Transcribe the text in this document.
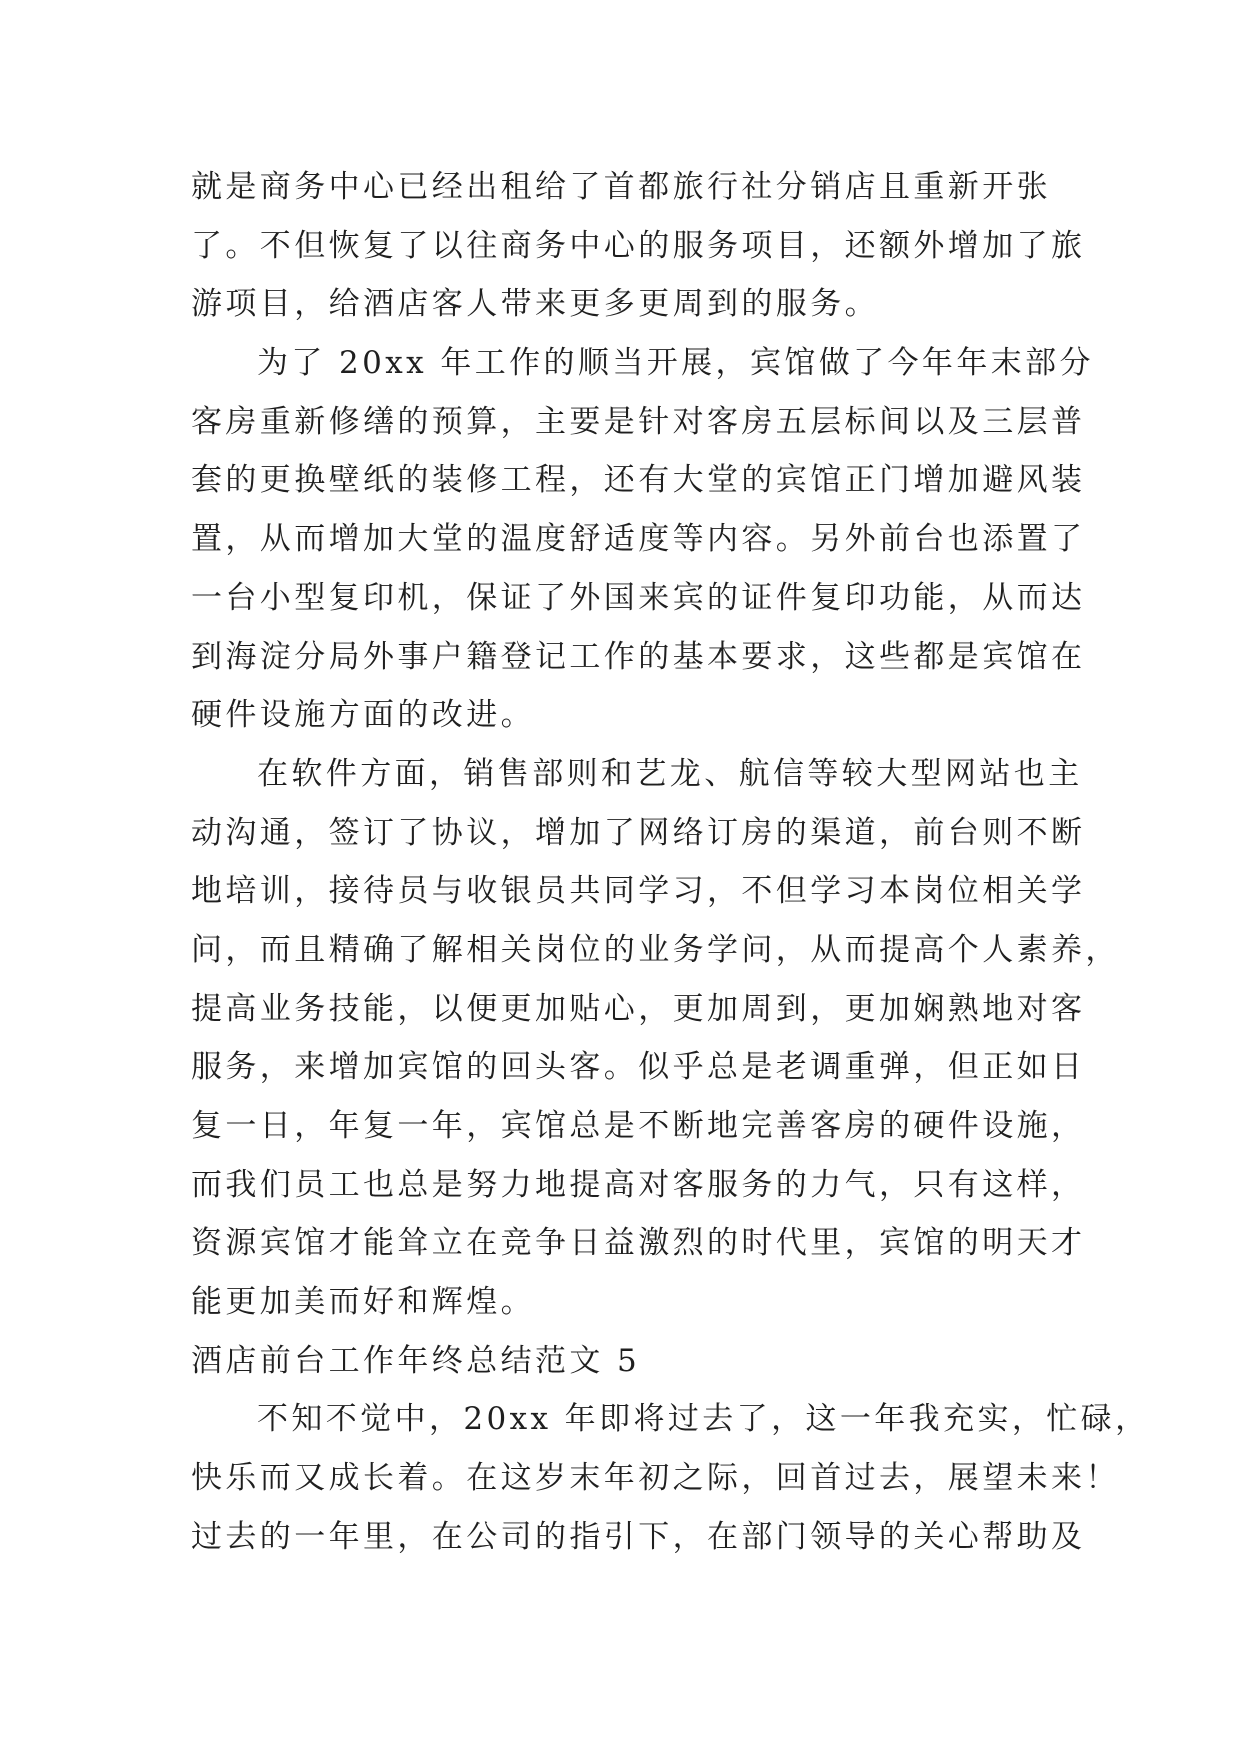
就是商务中心已经出租给了首都旅行社分销店且重新开张
了。不但恢复了以往商务中心的服务项目，还额外增加了旅
游项目，给酒店客人带来更多更周到的服务。
为了 20xx 年工作的顺当开展，宾馆做了今年年末部分
客房重新修缮的预算，主要是针对客房五层标间以及三层普
套的更换壁纸的装修工程，还有大堂的宾馆正门增加避风装
置，从而增加大堂的温度舒适度等内容。另外前台也添置了
一台小型复印机，保证了外国来宾的证件复印功能，从而达
到海淀分局外事户籍登记工作的基本要求，这些都是宾馆在
硬件设施方面的改进。
在软件方面，销售部则和艺龙、航信等较大型网站也主
动沟通，签订了协议，增加了网络订房的渠道，前台则不断
地培训，接待员与收银员共同学习，不但学习本岗位相关学
问，而且精确了解相关岗位的业务学问，从而提高个人素养，
提高业务技能，以便更加贴心，更加周到，更加娴熟地对客
服务，来增加宾馆的回头客。似乎总是老调重弹，但正如日
复一日，年复一年，宾馆总是不断地完善客房的硬件设施，
而我们员工也总是努力地提高对客服务的力气，只有这样，
资源宾馆才能耸立在竞争日益激烈的时代里，宾馆的明天才
能更加美而好和辉煌。
酒店前台工作年终总结范文 5
不知不觉中，20xx 年即将过去了，这一年我充实，忙碌，
快乐而又成长着。在这岁末年初之际，回首过去，展望未来！
过去的一年里，在公司的指引下，在部门领导的关心帮助及
